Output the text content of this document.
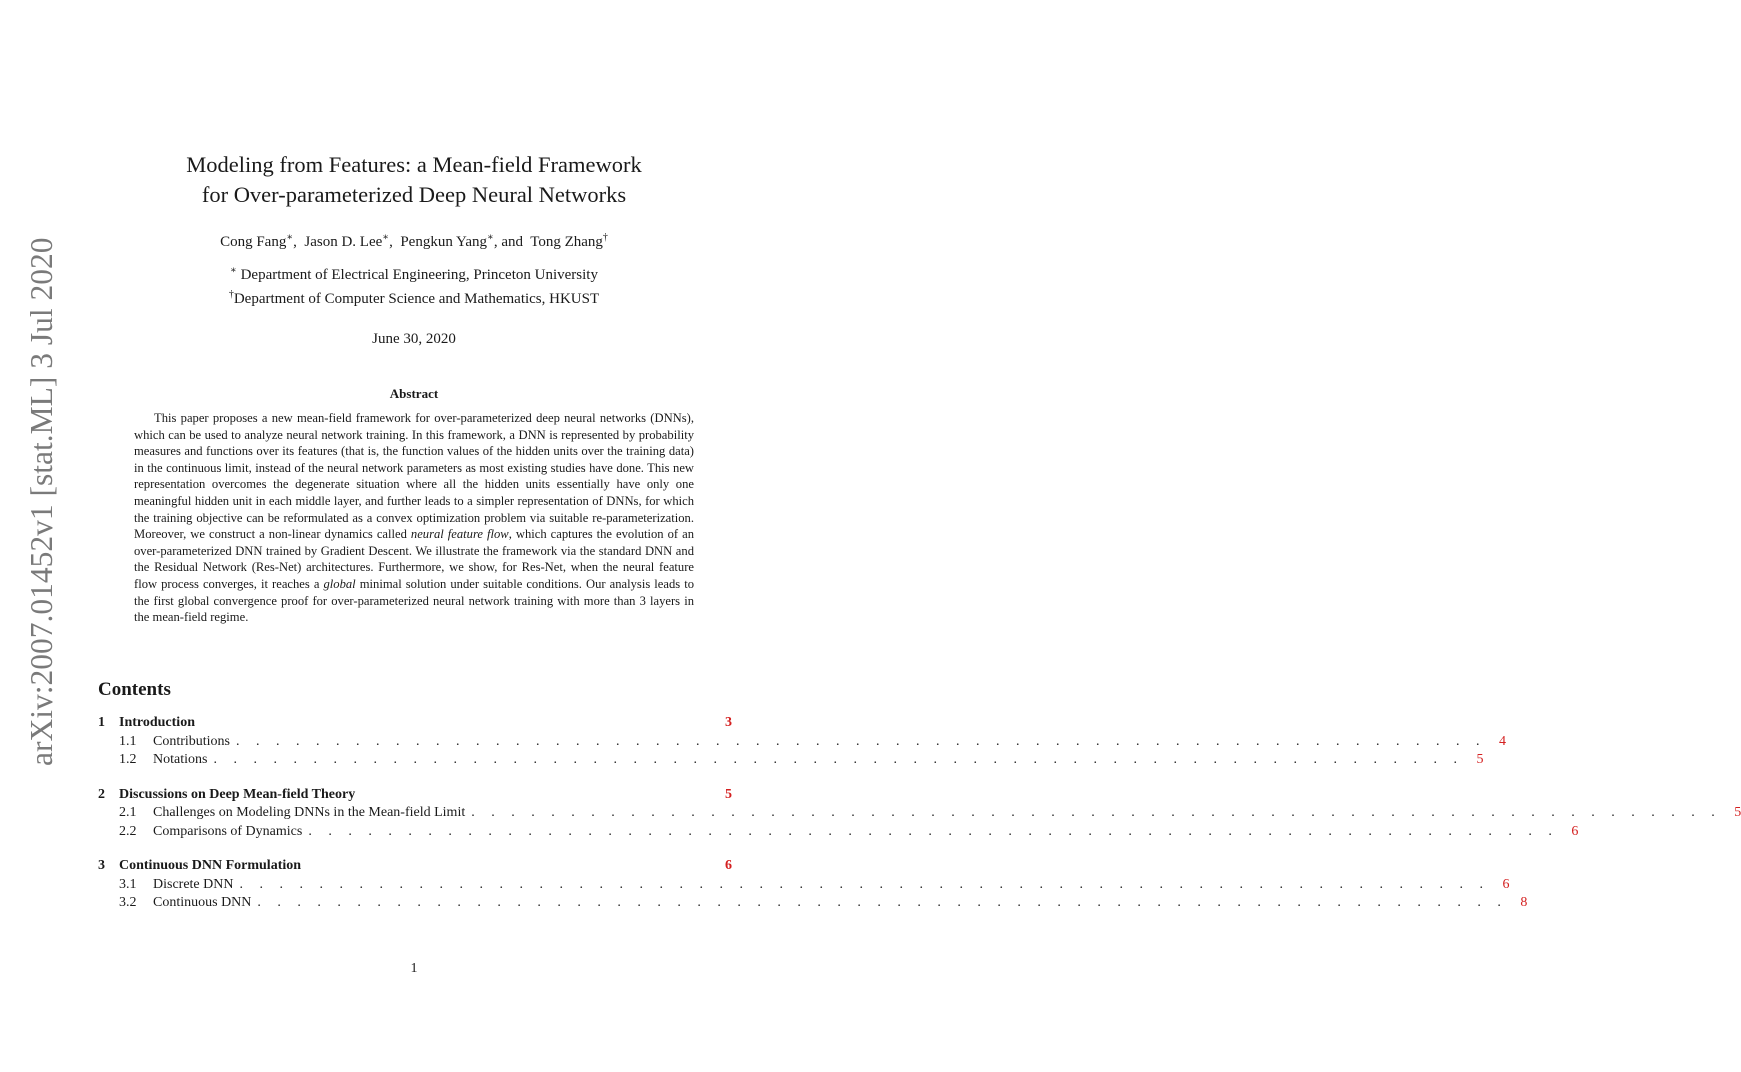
arXiv:2007.01452v1 [stat.ML] 3 Jul 2020
Modeling from Features: a Mean-field Framework
for Over-parameterized Deep Neural Networks
Cong Fang∗,  Jason D. Lee∗,  Pengkun Yang∗, and  Tong Zhang†
∗ Department of Electrical Engineering, Princeton University
†Department of Computer Science and Mathematics, HKUST
June 30, 2020
Abstract

This paper proposes a new mean-field framework for over-parameterized deep neural networks (DNNs), which can be used to analyze neural network training. In this framework, a DNN is represented by probability measures and functions over its features (that is, the function values of the hidden units over the training data) in the continuous limit, instead of the neural network parameters as most existing studies have done. This new representation overcomes the degenerate situation where all the hidden units essentially have only one meaningful hidden unit in each middle layer, and further leads to a simpler representation of DNNs, for which the training objective can be reformulated as a convex optimization problem via suitable re-parameterization. Moreover, we construct a non-linear dynamics called neural feature flow, which captures the evolution of an over-parameterized DNN trained by Gradient Descent. We illustrate the framework via the standard DNN and the Residual Network (Res-Net) architectures. Furthermore, we show, for Res-Net, when the neural feature flow process converges, it reaches a global minimal solution under suitable conditions. Our analysis leads to the first global convergence proof for over-parameterized neural network training with more than 3 layers in the mean-field regime.

Contents
1	Introduction	3
1.1	Contributions . . . . . . . . . . . . . . . . . . . . . . . . . . . . . . . . . . . . . . . . . . . . . . . . . . . . . . . . . . . . . . . 4
1.2	Notations . . . . . . . . . . . . . . . . . . . . . . . . . . . . . . . . . . . . . . . . . . . . . . . . . . . . . . . . . . . . . . . 5
2	Discussions on Deep Mean-field Theory	5
2.1	Challenges on Modeling DNNs in the Mean-field Limit . . . . . . . . . . . . . . . . . . . . . . . . . . . . . . . . . . . . . . . . . . . . . . . . . . . . . . . . . . . . . . . 5
2.2	Comparisons of Dynamics . . . . . . . . . . . . . . . . . . . . . . . . . . . . . . . . . . . . . . . . . . . . . . . . . . . . . . . . . . . . . . . 6
3	Continuous DNN Formulation	6
3.1	Discrete DNN . . . . . . . . . . . . . . . . . . . . . . . . . . . . . . . . . . . . . . . . . . . . . . . . . . . . . . . . . . . . . . . 6
3.2	Continuous DNN . . . . . . . . . . . . . . . . . . . . . . . . . . . . . . . . . . . . . . . . . . . . . . . . . . . . . . . . . . . . . . . 8
1
